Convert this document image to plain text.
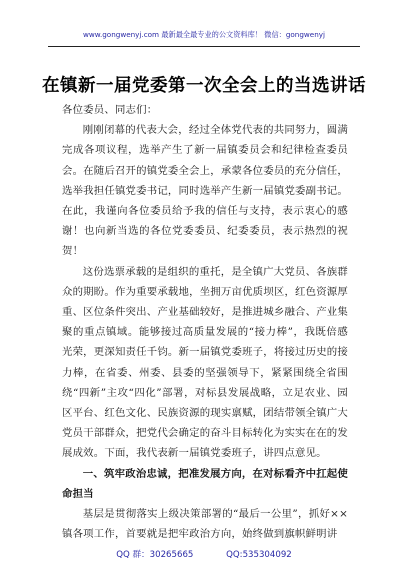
www.gongwenyj.com 最新最全最专业的公文资料库！ 微信：gongwenyj
在镇新一届党委第一次全会上的当选讲话

各位委员、同志们：

刚刚闭幕的代表大会，经过全体党代表的共同努力，圆满完成各项议程，选举产生了新一届镇委员会和纪律检查委员会。在随后召开的镇党委全会上，承蒙各位委员的充分信任，选举我担任镇党委书记，同时选举产生新一届镇党委副书记。在此，我谨向各位委员给予我的信任与支持，表示衷心的感谢！也向新当选的各位党委委员、纪委委员，表示热烈的祝贺！

这份选票承载的是组织的重托，是全镇广大党员、各族群众的期盼。作为重要承载地，坐拥万亩优质坝区，红色资源厚重、区位条件突出、产业基础较好，是推进城乡融合、产业集聚的重点镇域。能够接过高质量发展的“接力棒”，我既倍感光荣，更深知责任千钧。新一届镇党委班子，将接过历史的接力棒，在省委、州委、县委的坚强领导下，紧紧围绕全省围绕“四新”主攻“四化”部署，对标县发展战略，立足农业、园区平台、红色文化、民族资源的现实禀赋，团结带领全镇广大党员干部群众，把党代会确定的奋斗目标转化为实实在在的发展成效。下面，我代表新一届镇党委班子，讲四点意见。

一、筑牢政治忠诚，把准发展方向，在对标看齐中扛起使命担当

基层是贯彻落实上级决策部署的“最后一公里”，抓好××镇各项工作，首要就是把牢政治方向，始终做到旗帜鲜明讲

QQ 群：30265665	QQ:535304092
